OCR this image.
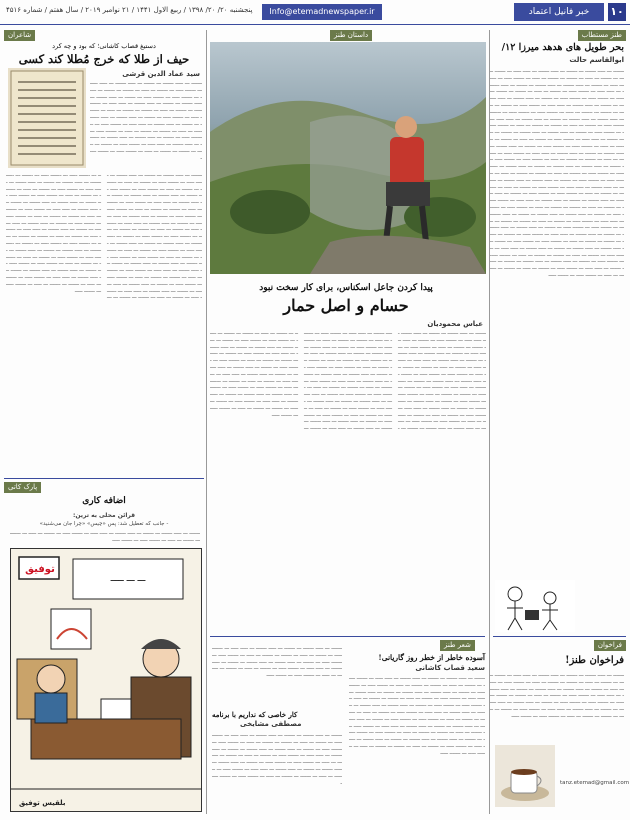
۱۰
خبر فانیل اعتماد
Info@etemadnewspaper.ir
پنجشنبه ۲۰/ ۲۰/ ۱۳۹۸ / ربیع الاول ۱۴۴۱ / ۲۱ نوامبر ۲۰۱۹ / سال هفتم / شماره ۴۵۱۶
طنز مستطاب
بحر طویل های هدهد میرزا ۱۲/
ابوالقاسم حالت
ـــــــ ـــ ـــــ ـــــــ ـــ ـــــــ ـــ ـــــ ـــــــ ـــ ـــــ ـــــ ـــ ـــــــ ـــــ ـــ ـــــــ ـــ ـــــ ـــ ـــــــ ـــ ـــــــ ـــ ـــــ ـــ ـــــــ ـــــ ـــ ـــــــ ـــــ ـــ ـــــــ ـــ ـــــ ـــــــ ـــ ـــــ ـــــــ ـــ ـــــــ ـــ ـــــ ـــــــ ـــ ـــــ ـــــ ـــ ـــــــ ـــــ ـــ ـــــــ ـــ ـــــ ـــ ـــــــ ـــ ـــــــ ـــ ـــــ ـــ ـــــــ ـــــ ـــ ـــــــ ـــــ ـــ ـــــــ ـــ ـــــ ـــــــ ـــ ـــــ ـــــــ ـــ ـــــــ ـــ ـــــ ـــــــ ـــ ـــــ ـــــ ـــ ـــــــ ـــــ ـــ ـــــــ ـــ ـــــ ـــ ـــــــ ـــ ـــــــ ـــ ـــــ ـــ ـــــــ ـــــ ـــ ـــــــ ـــــ ـــ ـــــــ ـــ ـــــ ـــــــ ـــ ـــــ ـــــــ ـــ ـــــــ ـــ ـــــ ـــــــ ـــ ـــــ ـــــ ـــ ـــــــ ـــــ ـــ ـــــــ ـــ ـــــ ـــ ـــــــ ـــ ـــــــ ـــ ـــــ ـــ ـــــــ ـــــ ـــ ـــــــ ـــــ ـــ ـــــــ ـــ ـــــ ـــــــ ـــ ـــــ ـــــــ ـــ ـــــــ ـــ ـــــ ـــــــ ـــ ـــــ ـــــ ـــ ـــــــ ـــــ ـــ ـــــــ ـــ ـــــ ـــ ـــــــ ـــ ـــــــ ـــ ـــــ ـــ ـــــــ ـــــ ـــ ـــــــ ـــــ ـــ ـــــــ ـــ ـــــ ـــــــ ـــ ـــــ ـــــــ ـــ ـــــــ ـــ ـــــ ـــــــ ـــ ـــــ ـــــ ـــ ـــــــ ـــــ ـــ ـــــــ ـــ ـــــ ـــ ـــــــ ـــ ـــــــ ـــ ـــــ ـــ ـــــــ ـــــ ـــ ـــــــ ـــــ ـــ ـــــــ ـــ ـــــ ـــــــ ـــ ـــــ ـــــــ ـــ ـــــــ ـــ ـــــ ـــــــ ـــ ـــــ ـــــ ـــ ـــــــ ـــــ ـــ ـــــــ ـــ ـــــ ـــ ـــــــ ـــ ـــــــ ـــ ـــــ ـــ ـــــــ ـــــ ـــ ـــــــ ـــــ ـــ ـــــــ ـــ ـــــ ـــــــ ـــ ـــــ ـــــــ ـــ ـــــــ ـــ ـــــ ـــــــ ـــ ـــــ ـــــ ـــ ـــــــ ـــــ ـــ ـــــــ ـــ ـــــ ـــ ـــــــ ـــ ـــــــ ـــ ـــــ ـــ ـــــــ ـــــ ـــ ـــــــ ـــــ ـــ ـــــــ ـــ ـــــ ـــــــ ـــ ـــــ ـــــــ ـــ ـــــــ ـــ ـــــ ـــــــ ـــ ـــــ ـــــ ـــ ـــــــ ـــــ ـــ ـــــــ ـــ ـــــ ـــ ـــــــ ـــ ـــــــ ـــ ـــــ ـــ ـــــــ ـــــ ـــ ـــــــ ـــــ ـــ ـــــــ ـــ ـــــ ـــــــ ـــ ـــــ ـــــــ ـــ ـــــــ ـــ ـــــ ـــــــ ـــ ـــــ ـــــ ـــ ـــــــ ـــــ ـــ ـــــــ ـــ ـــــ ـــ ـــــــ ـــ ـــــــ ـــ ـــــ ـــ ـــــــ ـــــ ـــ ـــــــ ـــــ ـــ ـــــــ ـــ ـــــ ـــــــ ـــ ـــــ ـــــــ ـــ ـــــــ ـــ ـــــ ـــــــ ـــ ـــــ ـــــ ـــ ـــــــ ـــــ ـــ ـــــــ ـــ ـــــ ـــ ـــــــ ـــ ـــــــ ـــ ـــــ ـــ ـــــــ ـــــ ـــ ـــــــ ـــــ ـــ ـــــــ ـــ ـــــ ـــــــ ـــ ـــــ ـــــــ ـــ ـــــــ ـــ ـــــ ـــــــ ـــ ـــــ ـــــ ـــ ـــــــ ـــــ ـــ ـــــــ ـــ ـــــ ـــ ـــــــ ـــ ـــــــ ـــ ـــــ ـــ ـــــــ ـــــ ـــ ـــــــ ـــــ ـــ ـــــــ ـــ ـــــ ـــــــ ـــ ـــــ ـــــــ ـــ ـــــــ ـــ ـــــ ـــــــ ـــ ـــــ ـــــ ـــ ـــــــ ـــــ ـــ ـــــــ ـــ ـــــ ـــ ـــــــ ـــ ـــــــ ـــ ـــــ ـــ ـــــــ ـــــ ـــ ـــــــ ـــــ
فراخوان
فراخوان طنز!
ـــــــ ـــ ـــــ ـــــــ ـــ ـــــــ ـــ ـــــ ـــــــ ـــ ـــــ ـــــ ـــ ـــــــ ـــــ ـــ ـــــــ ـــ ـــــ ـــ ـــــــ ـــ ـــــــ ـــ ـــــ ـــ ـــــــ ـــــ ـــ ـــــــ ـــــ ـــ ـــــــ ـــ ـــــ ـــــــ ـــ ـــــ ـــــــ ـــ ـــــــ ـــ ـــــ ـــــــ ـــ ـــــ ـــــ ـــ ـــــــ ـــــ ـــ ـــــــ ـــ ـــــ ـــ ـــــــ ـــ ـــــــ ـــ ـــــ ـــ ـــــــ ـــــ ـــ ـــــــ ـــــ ـــ ـــــــ ـــ ـــــ ـــــــ ـــ ـــــ ـــــــ ـــ ـــــــ ـــ ـــــ ـــــــ ـــ ـــــ ـــــ ـــ ـــــــ ـــــ ـــ ـــــــ ـــ ـــــ ـــ ـــــــ ـــ ـــــــ ـــ ـــــ ـــ ـــــــ ـــــ ـــ ـــــــ ـــــ
tanz.etemad@gmail.com
داستان طنز
پیدا کردن جاعل اسکناس، برای کار سخت نبود
حسام و اصل حمار
عباس محمودیان
ـــــــ ـــ ـــــ ـــــــ ـــ ـــــــ ـــ ـــــ ـــــــ ـــ ـــــ ـــــ ـــ ـــــــ ـــــ ـــ ـــــــ ـــ ـــــ ـــ ـــــــ ـــ ـــــــ ـــ ـــــ ـــ ـــــــ ـــــ ـــ ـــــــ ـــــ ـــ ـــــــ ـــ ـــــ ـــــــ ـــ ـــــ ـــــــ ـــ ـــــــ ـــ ـــــ ـــــــ ـــ ـــــ ـــــ ـــ ـــــــ ـــــ ـــ ـــــــ ـــ ـــــ ـــ ـــــــ ـــ ـــــــ ـــ ـــــ ـــ ـــــــ ـــــ ـــ ـــــــ ـــــ ـــ ـــــــ ـــ ـــــ ـــــــ ـــ ـــــ ـــــــ ـــ ـــــــ ـــ ـــــ ـــــــ ـــ ـــــ ـــــ ـــ ـــــــ ـــــ ـــ ـــــــ ـــ ـــــ ـــ ـــــــ ـــ ـــــــ ـــ ـــــ ـــ ـــــــ ـــــ ـــ ـــــــ ـــــ ـــ ـــــــ ـــ ـــــ ـــــــ ـــ ـــــ ـــــــ ـــ ـــــــ ـــ ـــــ ـــــــ ـــ ـــــ ـــــ ـــ ـــــــ ـــــ ـــ ـــــــ ـــ ـــــ ـــ ـــــــ ـــ ـــــــ ـــ ـــــ ـــ ـــــــ ـــــ ـــ ـــــــ ـــــ ـــ ـــــــ ـــ ـــــ ـــــــ ـــ ـــــ ـــــــ ـــ ـــــــ ـــ ـــــ ـــــــ ـــ ـــــ ـــــ ـــ ـــــــ ـــــ ـــ ـــــــ ـــ ـــــ ـــ ـــــــ ـــ ـــــــ ـــ ـــــ ـــ ـــــــ ـــــ ـــ ـــــــ ـــــ ـــ ـــــــ ـــ ـــــ ـــــــ ـــ ـــــ ـــــــ ـــ ـــــــ ـــ ـــــ ـــــــ ـــ ـــــ ـــــ ـــ ـــــــ ـــــ ـــ ـــــــ ـــ ـــــ ـــ ـــــــ ـــ ـــــــ ـــ ـــــ ـــ ـــــــ ـــــ ـــ ـــــــ ـــــ ـــ ـــــــ ـــ ـــــ ـــــــ ـــ ـــــ ـــــــ ـــ ـــــــ ـــ ـــــ ـــــــ ـــ ـــــ ـــــ ـــ ـــــــ ـــــ ـــ ـــــــ ـــ ـــــ ـــ ـــــــ ـــ ـــــــ ـــ ـــــ ـــ ـــــــ ـــــ ـــ ـــــــ ـــــ ـــ ـــــــ ـــ ـــــ ـــــــ ـــ ـــــ ـــــــ ـــ ـــــــ ـــ ـــــ ـــــــ ـــ ـــــ ـــــ ـــ ـــــــ ـــــ ـــ ـــــــ ـــ ـــــ ـــ ـــــــ ـــ ـــــــ ـــ ـــــ ـــ ـــــــ ـــــ ـــ ـــــــ ـــــ ـــ ـــــــ ـــ ـــــ ـــــــ ـــ ـــــ ـــــــ ـــ ـــــــ ـــ ـــــ ـــــــ ـــ ـــــ ـــــ ـــ ـــــــ ـــــ ـــ ـــــــ ـــ ـــــ ـــ ـــــــ ـــ ـــــــ ـــ ـــــ ـــ ـــــــ ـــــ ـــ ـــــــ ـــــ ـــ ـــــــ ـــ ـــــ ـــــــ ـــ ـــــ ـــــــ ـــ ـــــــ ـــ ـــــ ـــــــ ـــ ـــــ ـــــ ـــ ـــــــ ـــــ ـــ ـــــــ ـــ ـــــ ـــ ـــــــ ـــ ـــــــ ـــ ـــــ ـــ ـــــــ ـــــ ـــ ـــــــ ـــــ ـــ ـــــــ ـــ ـــــ ـــــــ ـــ ـــــ ـــــــ ـــ ـــــــ ـــ ـــــ ـــــــ ـــ ـــــ ـــــ ـــ ـــــــ ـــــ ـــ ـــــــ ـــ ـــــ ـــ ـــــــ ـــ ـــــــ ـــ ـــــ ـــ ـــــــ ـــــ ـــ ـــــــ ـــــ ـــ ـــــــ ـــ ـــــ ـــــــ ـــ ـــــ ـــــــ ـــ ـــــــ ـــ ـــــ ـــــــ ـــ ـــــ ـــــ ـــ ـــــــ ـــــ ـــ ـــــــ ـــ ـــــ ـــ ـــــــ ـــ ـــــــ ـــ ـــــ ـــ ـــــــ ـــــ ـــ ـــــــ ـــــ
شعر طنز
آسوده خاطر از خطر روز گاریانی!
سعید قصاب کاشانی
ـــــــ ـــ ـــــ ـــــــ ـــ ـــــــ ـــ ـــــ ـــــــ ـــ ـــــ ـــــ ـــ ـــــــ ـــــ ـــ ـــــــ ـــ ـــــ ـــ ـــــــ ـــ ـــــــ ـــ ـــــ ـــ ـــــــ ـــــ ـــ ـــــــ ـــــ ـــ ـــــــ ـــ ـــــ ـــــــ ـــ ـــــ ـــــــ ـــ ـــــــ ـــ ـــــ ـــــــ ـــ ـــــ ـــــ ـــ ـــــــ ـــــ ـــ ـــــــ ـــ ـــــ ـــ ـــــــ ـــ ـــــــ ـــ ـــــ ـــ ـــــــ ـــــ ـــ ـــــــ ـــــ ـــ ـــــــ ـــ ـــــ ـــــــ ـــ ـــــ ـــــــ ـــ ـــــــ ـــ ـــــ ـــــــ ـــ ـــــ ـــــ ـــ ـــــــ ـــــ ـــ ـــــــ ـــ ـــــ ـــ ـــــــ ـــ ـــــــ ـــ ـــــ ـــ ـــــــ ـــــ ـــ ـــــــ ـــــ ـــ ـــــــ ـــ ـــــ ـــــــ ـــ ـــــ ـــــــ ـــ ـــــــ ـــ ـــــ ـــــــ ـــ ـــــ ـــــ ـــ ـــــــ ـــــ ـــ ـــــــ ـــ ـــــ ـــ ـــــــ ـــ ـــــــ ـــ ـــــ ـــ ـــــــ ـــــ ـــ ـــــــ ـــــ ـــ ـــــــ ـــ ـــــ ـــــــ ـــ ـــــ ـــــــ ـــ ـــــــ ـــ ـــــ ـــــــ ـــ ـــــ ـــــ ـــ ـــــــ ـــــ ـــ ـــــــ ـــ ـــــ ـــ ـــــــ ـــ ـــــــ ـــ ـــــ ـــ ـــــــ ـــــ ـــ ـــــــ ـــــ
کار خاصی که نداریم با برنامه
مصطفی مشایخی
ـــــــ ـــ ـــــ ـــــــ ـــ ـــــــ ـــ ـــــ ـــــــ ـــ ـــــ ـــــ ـــ ـــــــ ـــــ ـــ ـــــــ ـــ ـــــ ـــ ـــــــ ـــ ـــــــ ـــ ـــــ ـــ ـــــــ ـــــ ـــ ـــــــ ـــــ ـــ ـــــــ ـــ ـــــ ـــــــ ـــ ـــــ ـــــــ ـــ ـــــــ ـــ ـــــ ـــــــ ـــ ـــــ ـــــ ـــ ـــــــ ـــــ ـــ ـــــــ ـــ ـــــ ـــ ـــــــ ـــ ـــــــ ـــ ـــــ ـــ ـــــــ ـــــ ـــ ـــــــ ـــــ
ـــــــ ـــ ـــــ ـــــــ ـــ ـــــــ ـــ ـــــ ـــــــ ـــ ـــــ ـــــ ـــ ـــــــ ـــــ ـــ ـــــــ ـــ ـــــ ـــ ـــــــ ـــ ـــــــ ـــ ـــــ ـــ ـــــــ ـــــ ـــ ـــــــ ـــــ ـــ ـــــــ ـــ ـــــ ـــــــ ـــ ـــــ ـــــــ ـــ ـــــــ ـــ ـــــ ـــــــ ـــ ـــــ ـــــ ـــ ـــــــ ـــــ ـــ ـــــــ ـــ ـــــ ـــ ـــــــ ـــ ـــــــ ـــ ـــــ ـــ ـــــــ ـــــ ـــ ـــــــ ـــــ ـــ ـــــــ ـــ ـــــ ـــــــ ـــ ـــــ ـــــــ ـــ ـــــــ ـــ ـــــ ـــــــ ـــ ـــــ ـــــ ـــ ـــــــ ـــــ ـــ ـــــــ ـــ ـــــ ـــ ـــــــ ـــ ـــــــ ـــ ـــــ ـــ ـــــــ ـــــ ـــ ـــــــ ـــــ
شاعران
دستیغ قصاب کاشانی؛ که بود و چه کرد
حیف از طلا که خرج مُطلا کند کسی
سید عماد الدین قرشی
ـــــــ ـــ ـــــ ـــــــ ـــ ـــــــ ـــ ـــــ ـــــــ ـــ ـــــ ـــــ ـــ ـــــــ ـــــ ـــ ـــــــ ـــ ـــــ ـــ ـــــــ ـــ ـــــــ ـــ ـــــ ـــ ـــــــ ـــــ ـــ ـــــــ ـــــ ـــ ـــــــ ـــ ـــــ ـــــــ ـــ ـــــ ـــــــ ـــ ـــــــ ـــ ـــــ ـــــــ ـــ ـــــ ـــــ ـــ ـــــــ ـــــ ـــ ـــــــ ـــ ـــــ ـــ ـــــــ ـــ ـــــــ ـــ ـــــ ـــ ـــــــ ـــــ ـــ ـــــــ ـــــ ـــ ـــــــ ـــ ـــــ ـــــــ ـــ ـــــ ـــــــ ـــ ـــــــ ـــ ـــــ ـــــــ ـــ ـــــ ـــــ ـــ ـــــــ ـــــ ـــ ـــــــ ـــ ـــــ ـــ ـــــــ ـــ ـــــــ ـــ ـــــ ـــ ـــــــ ـــــ ـــ ـــــــ ـــــ ـــ ـــــــ ـــ ـــــ ـــــــ ـــ ـــــ ـــــــ ـــ ـــــــ ـــ ـــــ ـــــــ ـــ ـــــ ـــــ ـــ ـــــــ ـــــ ـــ ـــــــ ـــ ـــــ ـــ ـــــــ ـــ ـــــــ ـــ ـــــ ـــ ـــــــ ـــــ ـــ ـــــــ ـــــ
ـــــــ ـــ ـــــ ـــــــ ـــ ـــــــ ـــ ـــــ ـــــــ ـــ ـــــ ـــــ ـــ ـــــــ ـــــ ـــ ـــــــ ـــ ـــــ ـــ ـــــــ ـــ ـــــــ ـــ ـــــ ـــ ـــــــ ـــــ ـــ ـــــــ ـــــ ـــ ـــــــ ـــ ـــــ ـــــــ ـــ ـــــ ـــــــ ـــ ـــــــ ـــ ـــــ ـــــــ ـــ ـــــ ـــــ ـــ ـــــــ ـــــ ـــ ـــــــ ـــ ـــــ ـــ ـــــــ ـــ ـــــــ ـــ ـــــ ـــ ـــــــ ـــــ ـــ ـــــــ ـــــ ـــ ـــــــ ـــ ـــــ ـــــــ ـــ ـــــ ـــــــ ـــ ـــــــ ـــ ـــــ ـــــــ ـــ ـــــ ـــــ ـــ ـــــــ ـــــ ـــ ـــــــ ـــ ـــــ ـــ ـــــــ ـــ ـــــــ ـــ ـــــ ـــ ـــــــ ـــــ ـــ ـــــــ ـــــ ـــ ـــــــ ـــ ـــــ ـــــــ ـــ ـــــ ـــــــ ـــ ـــــــ ـــ ـــــ ـــــــ ـــ ـــــ ـــــ ـــ ـــــــ ـــــ ـــ ـــــــ ـــ ـــــ ـــ ـــــــ ـــ ـــــــ ـــ ـــــ ـــ ـــــــ ـــــ ـــ ـــــــ ـــــ ـــ ـــــــ ـــ ـــــ ـــــــ ـــ ـــــ ـــــــ ـــ ـــــــ ـــ ـــــ ـــــــ ـــ ـــــ ـــــ ـــ ـــــــ ـــــ ـــ ـــــــ ـــ ـــــ ـــ ـــــــ ـــ ـــــــ ـــ ـــــ ـــ ـــــــ ـــــ ـــ ـــــــ ـــــ ـــ ـــــــ ـــ ـــــ ـــــــ ـــ ـــــ ـــــــ ـــ ـــــــ ـــ ـــــ ـــــــ ـــ ـــــ ـــــ ـــ ـــــــ ـــــ ـــ ـــــــ ـــ ـــــ ـــ ـــــــ ـــ ـــــــ ـــ ـــــ ـــ ـــــــ ـــــ ـــ ـــــــ ـــــ ـــ ـــــــ ـــ ـــــ ـــــــ ـــ ـــــ ـــــــ ـــ ـــــــ ـــ ـــــ ـــــــ ـــ ـــــ ـــــ ـــ ـــــــ ـــــ ـــ ـــــــ ـــ ـــــ ـــ ـــــــ ـــ ـــــــ ـــ ـــــ ـــ ـــــــ ـــــ ـــ ـــــــ ـــــ ـــ ـــــــ ـــ ـــــ ـــــــ ـــ ـــــ ـــــــ ـــ ـــــــ ـــ ـــــ ـــــــ ـــ ـــــ ـــــ ـــ ـــــــ ـــــ ـــ ـــــــ ـــ ـــــ ـــ ـــــــ ـــ ـــــــ ـــ ـــــ ـــ ـــــــ ـــــ ـــ ـــــــ ـــــ ـــ ـــــــ ـــ ـــــ ـــــــ ـــ ـــــ ـــــــ ـــ ـــــــ ـــ ـــــ ـــــــ ـــ ـــــ ـــــ ـــ ـــــــ ـــــ ـــ ـــــــ ـــ ـــــ ـــ ـــــــ ـــ ـــــــ ـــ ـــــ ـــ ـــــــ ـــــ ـــ ـــــــ ـــــ ـــ ـــــــ ـــ ـــــ ـــــــ ـــ ـــــ ـــــــ ـــ ـــــــ ـــ ـــــ ـــــــ ـــ ـــــ ـــــ ـــ ـــــــ ـــــ ـــ ـــــــ ـــ ـــــ ـــ ـــــــ ـــ ـــــــ ـــ ـــــ ـــ ـــــــ ـــــ ـــ ـــــــ ـــــ ـــ ـــــــ ـــ ـــــ ـــــــ ـــ ـــــ ـــــــ ـــ ـــــــ ـــ ـــــ ـــــــ ـــ ـــــ ـــــ ـــ ـــــــ ـــــ ـــ ـــــــ ـــ ـــــ ـــ ـــــــ ـــ ـــــــ ـــ ـــــ ـــ ـــــــ ـــــ ـــ ـــــــ ـــــ
پارک کاتی
اضافه کاری
قرائن محلی به ترین:
- جانب که تعطیل شد: پس «چیس» «چرا جان می‌شنید»
ـــــــ ـــ ـــــ ـــــــ ـــ ـــــــ ـــ ـــــ ـــــــ ـــ ـــــ ـــــ ـــ ـــــــ ـــــ ـــ ـــــــ ـــ ـــــ ـــ ـــــــ ـــ ـــــــ ـــ ـــــ ـــ ـــــــ ـــــ ـــ ـــــــ ـــــ
ـــ ـــ ـــــ
توفیق
بلقیس توفیق
